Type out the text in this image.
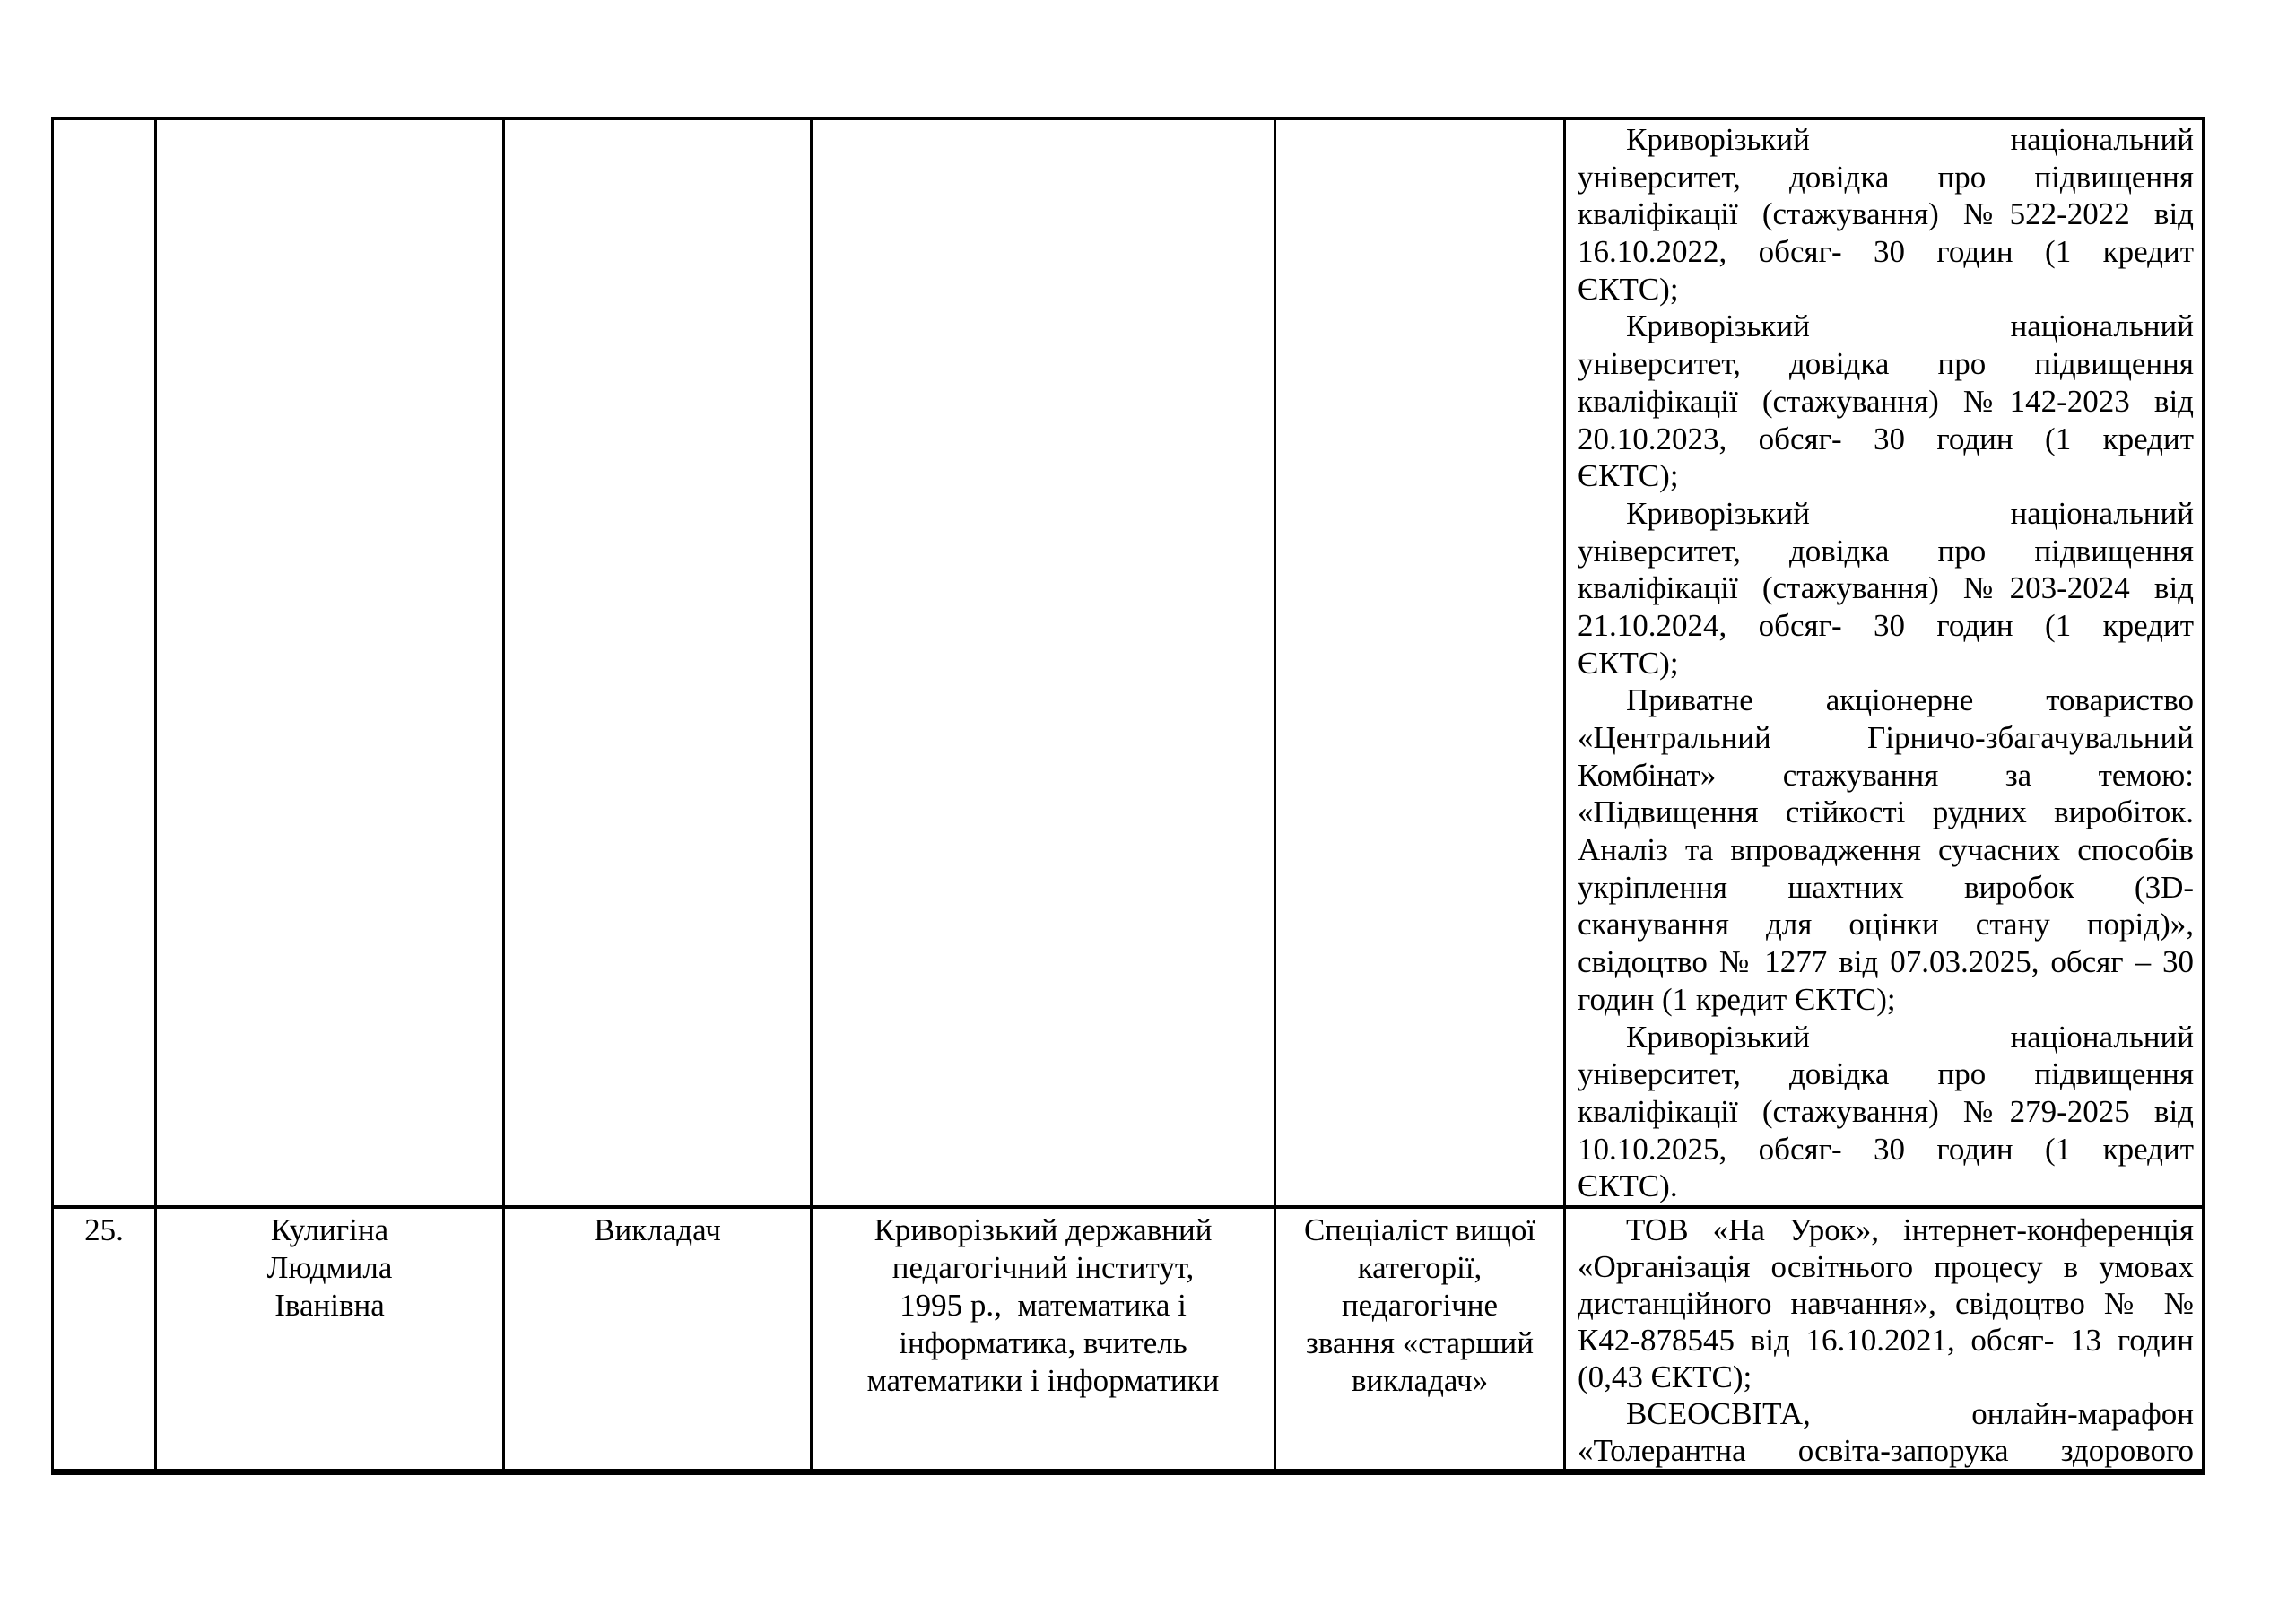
Криворізький національний
університет, довідка про підвищення
кваліфікації (стажування) №522-2022 від
16.10.2022, обсяг- 30 годин (1 кредит
ЄКТС);
Криворізький національний
університет, довідка про підвищення
кваліфікації (стажування) №142-2023 від
20.10.2023, обсяг- 30 годин (1 кредит
ЄКТС);
Криворізький національний
університет, довідка про підвищення
кваліфікації (стажування) №203-2024 від
21.10.2024, обсяг- 30 годин (1 кредит
ЄКТС);
Приватне акціонерне товариство
«Центральний Гірничо-збагачувальний
Комбінат» стажування за темою:
«Підвищення стійкості рудних виробіток.
Аналіз та впровадження сучасних способів
укріплення шахтних виробок (3D-
сканування для оцінки стану порід)»,
свідоцтво № 1277 від 07.03.2025, обсяг – 30
годин (1 кредит ЄКТС);
Криворізький національний
університет, довідка про підвищення
кваліфікації (стажування) №279-2025 від
10.10.2025, обсяг- 30 годин (1 кредит
ЄКТС).
25.	Кулигіна
Людмила
Іванівна
Викладач	Криворізький державний
педагогічний інститут,
1995 р.,  математика і
інформатика, вчитель
математики і інформатики
Спеціаліст вищої
категорії,
педагогічне
звання «старший
викладач»
ТОВ «На Урок», інтернет-конференція
«Організація освітнього процесу в умовах
дистанційного навчання», свідоцтво № №
К42-878545 від 16.10.2021, обсяг- 13 годин
(0,43 ЄКТС);
ВСЕОСВІТА, онлайн-марафон
«Толерантна освіта-запорука здорового
